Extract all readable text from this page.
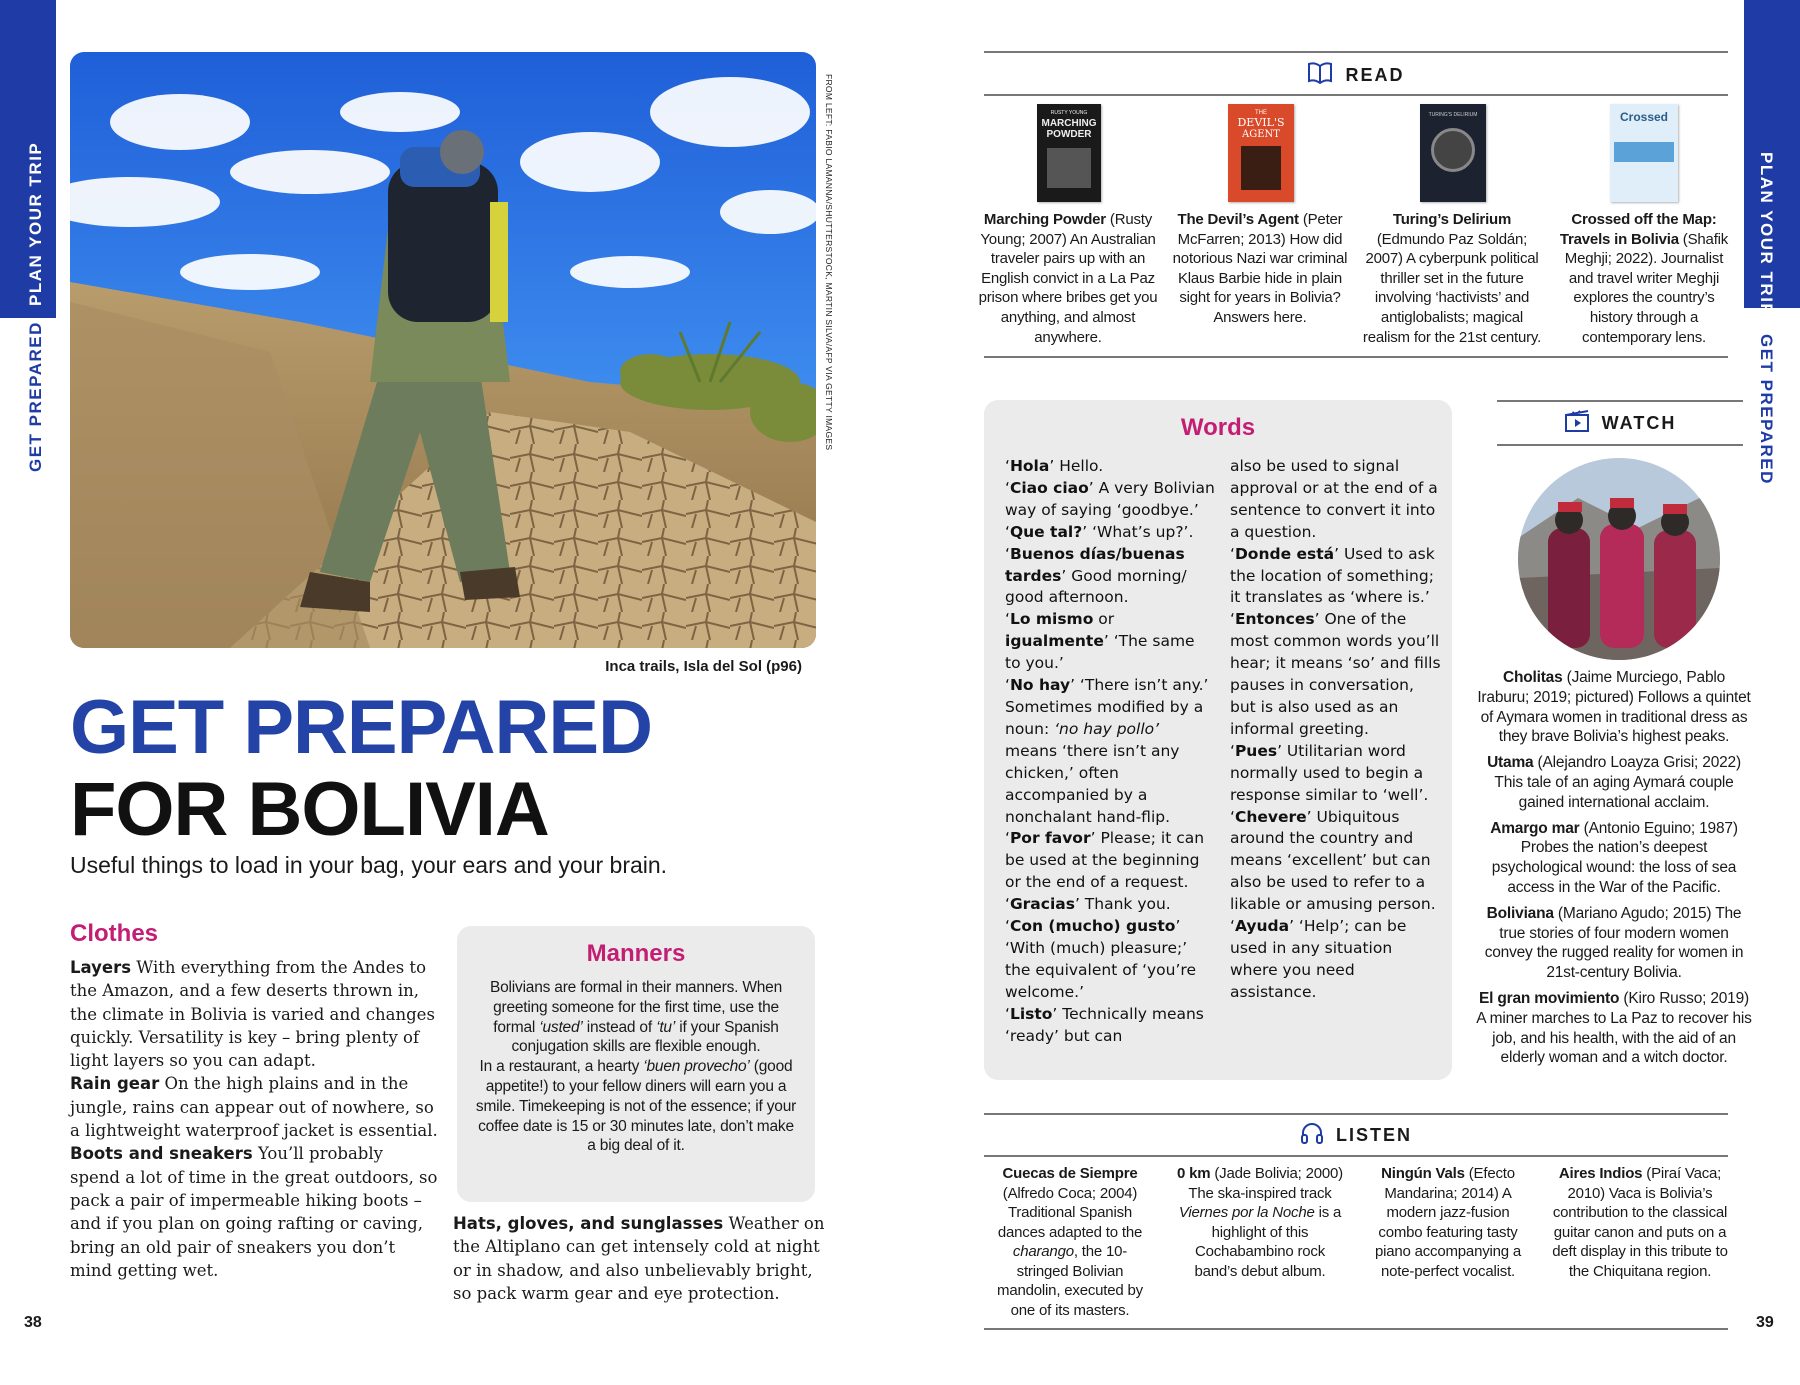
PLAN YOUR TRIP
GET PREPARED
PLAN YOUR TRIP
GET PREPARED
FROM LEFT: FABIO LAMANNA/SHUTTERSTOCK, MARTIN SILVA/AFP VIA GETTY IMAGES
Inca trails, Isla del Sol (p96)
GET PREPARED
FOR BOLIVIA
Useful things to load in your bag, your ears and your brain.
Clothes
Layers With everything from the Andes to the Amazon, and a few deserts thrown in, the climate in Bolivia is varied and changes quickly. Versatility is key – bring plenty of light layers so you can adapt.
Rain gear On the high plains and in the jungle, rains can appear out of nowhere, so a lightweight waterproof jacket is essential.
Boots and sneakers You’ll probably spend a lot of time in the great outdoors, so pack a pair of impermeable hiking boots – and if you plan on going rafting or caving, bring an old pair of sneakers you don’t mind getting wet.
Hats, gloves, and sunglasses Weather on the Altiplano can get intensely cold at night or in shadow, and also unbelievably bright, so pack warm gear and eye protection.
Manners
Bolivians are formal in their manners. When greeting someone for the first time, use the formal ‘usted’ instead of ‘tu’ if your Spanish conjugation skills are flexible enough.
In a restaurant, a hearty ‘buen provecho’ (good appetite!) to your fellow diners will earn you a smile. Timekeeping is not of the essence; if your coffee date is 15 or 30 minutes late, don’t make a big deal of it.
READ
RUSTY YOUNG
MARCHING
POWDER
THE
DEVIL'S
AGENT
TURING'S DELIRIUM	Crossed
Marching Powder (Rusty Young; 2007) An Australian traveler pairs up with an English convict in a La Paz prison where bribes get you anything, and almost anywhere.
The Devil’s Agent (Peter McFarren; 2013) How did notorious Nazi war criminal Klaus Barbie hide in plain sight for years in Bolivia? Answers here.
Turing’s Delirium (Edmundo Paz Soldán; 2007) A cyberpunk political thriller set in the future involving ‘hactivists’ and antiglobalists; magical realism for the 21st century.
Crossed off the Map: Travels in Bolivia (Shafik Meghji; 2022). Journalist and travel writer Meghji explores the country’s history through a contemporary lens.
Words
‘Hola’ Hello.
‘Ciao ciao’ A very Bolivian way of saying ‘goodbye.’
‘Que tal?’ ‘What’s up?’.
‘Buenos días/buenas tardes’ Good morning/ good afternoon.
‘Lo mismo or igualmente’ ‘The same to you.’
‘No hay’ ‘There isn’t any.’ Sometimes modified by a noun: ‘no hay pollo’ means ‘there isn’t any chicken,’ often accompanied by a nonchalant hand-flip.
‘Por favor’ Please; it can be used at the beginning or the end of a request.
‘Gracias’ Thank you.
‘Con (mucho) gusto’ ‘With (much) pleasure;’ the equivalent of ‘you’re welcome.’
‘Listo’ Technically means ‘ready’ but can
also be used to signal approval or at the end of a sentence to convert it into a question.
‘Donde está’ Used to ask the location of something; it translates as ‘where is.’
‘Entonces’ One of the most common words you’ll hear; it means ‘so’ and fills pauses in conversation, but is also used as an informal greeting.
‘Pues’ Utilitarian word normally used to begin a response similar to ‘well’.
‘Chevere’ Ubiquitous around the country and means ‘excellent’ but can also be used to refer to a likable or amusing person.
‘Ayuda’ ‘Help’; can be used in any situation where you need assistance.
WATCH
Cholitas (Jaime Murciego, Pablo Iraburu; 2019; pictured) Follows a quintet of Aymara women in traditional dress as they brave Bolivia’s highest peaks.
Utama (Alejandro Loayza Grisi; 2022) This tale of an aging Aymará couple gained international acclaim.
Amargo mar (Antonio Eguino; 1987) Probes the nation’s deepest psychological wound: the loss of sea access in the War of the Pacific.
Boliviana (Mariano Agudo; 2015) The true stories of four modern women convey the rugged reality for women in 21st-century Bolivia.
El gran movimiento (Kiro Russo; 2019) A miner marches to La Paz to recover his job, and his health, with the aid of an elderly woman and a witch doctor.
LISTEN
Cuecas de Siempre (Alfredo Coca; 2004) Traditional Spanish dances adapted to the charango, the 10-stringed Bolivian mandolin, executed by one of its masters.
0 km (Jade Bolivia; 2000) The ska-inspired track Viernes por la Noche is a highlight of this Cochabambino rock band’s debut album.
Ningún Vals (Efecto Mandarina; 2014) A modern jazz-fusion combo featuring tasty piano accompanying a note-perfect vocalist.
Aires Indios (Piraí Vaca; 2010) Vaca is Bolivia’s contribution to the classical guitar canon and puts on a deft display in this tribute to the Chiquitana region.
38	39
